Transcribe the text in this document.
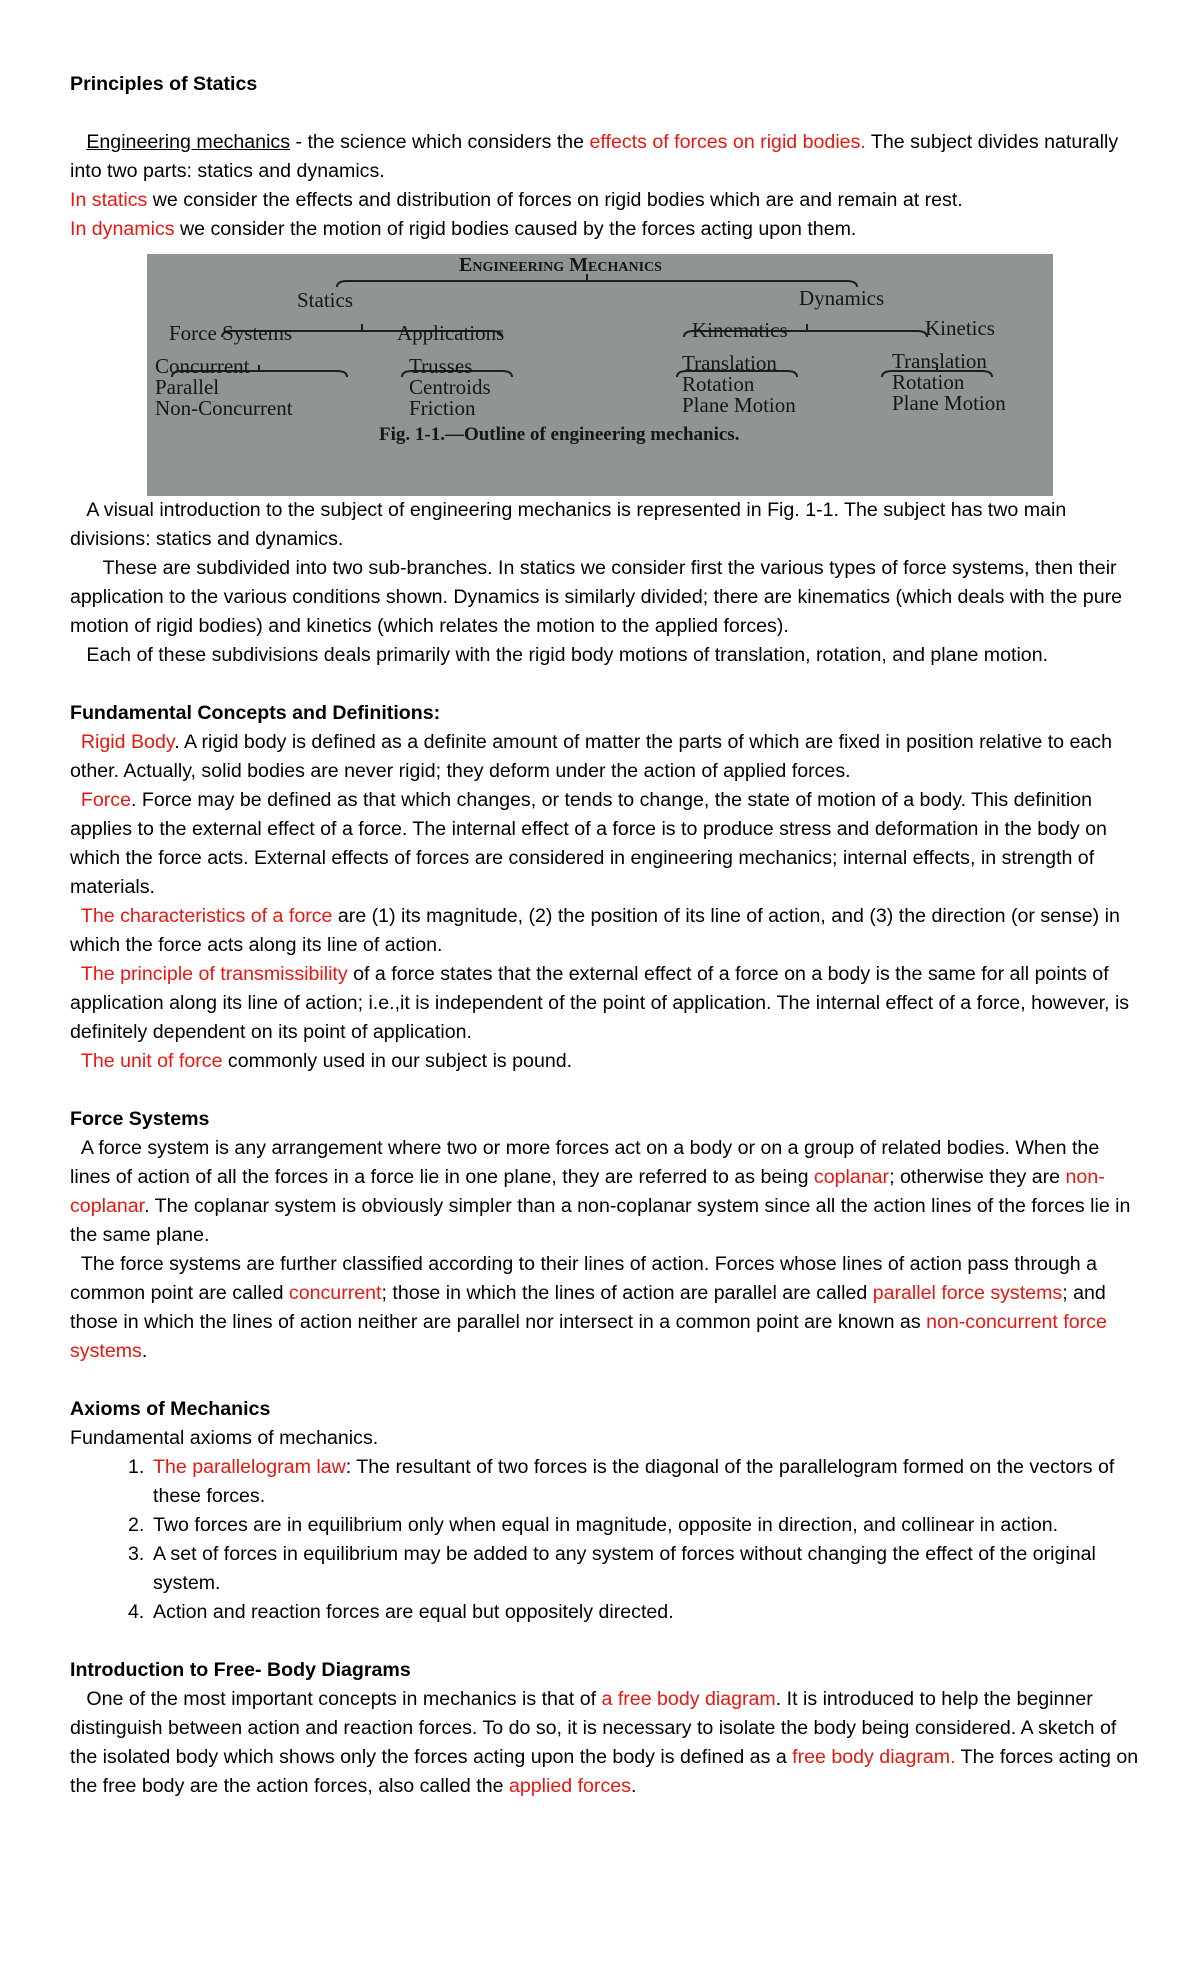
Principles of Statics

Engineering mechanics - the science which considers the effects of forces on rigid bodies. The subject divides naturally into two parts: statics and dynamics.

In statics we consider the effects and distribution of forces on rigid bodies which are and remain at rest.

In dynamics we consider the motion of rigid bodies caused by the forces acting upon them.

Engineering Mechanics
Statics	Dynamics
Force Systems	Applications	Kinematics	Kinetics
Concurrent
Parallel
Non-Concurrent
Trusses
Centroids
Friction
Translation
Rotation
Plane Motion
Translation
Rotation
Plane Motion
Fig. 1-1.—Outline of engineering mechanics.

A visual introduction to the subject of engineering mechanics is represented in Fig. 1-1. The subject has two main divisions: statics and dynamics.

These are subdivided into two sub-branches. In statics we consider first the various types of force systems, then their application to the various conditions shown. Dynamics is similarly divided; there are kinematics (which deals with the pure motion of rigid bodies) and kinetics (which relates the motion to the applied forces).

Each of these subdivisions deals primarily with the rigid body motions of translation, rotation, and plane motion.

Fundamental Concepts and Definitions:

Rigid Body. A rigid body is defined as a definite amount of matter the parts of which are fixed in position relative to each other. Actually, solid bodies are never rigid; they deform under the action of applied forces.

Force. Force may be defined as that which changes, or tends to change, the state of motion of a body. This definition applies to the external effect of a force. The internal effect of a force is to produce stress and deformation in the body on which the force acts. External effects of forces are considered in engineering mechanics; internal effects, in strength of materials.

The characteristics of a force are (1) its magnitude, (2) the position of its line of action, and (3) the direction (or sense) in which the force acts along its line of action.

The principle of transmissibility of a force states that the external effect of a force on a body is the same for all points of application along its line of action; i.e.,it is independent of the point of application. The internal effect of a force, however, is definitely dependent on its point of application.

The unit of force commonly used in our subject is pound.

Force Systems

A force system is any arrangement where two or more forces act on a body or on a group of related bodies. When the lines of action of all the forces in a force lie in one plane, they are referred to as being coplanar; otherwise they are non-coplanar. The coplanar system is obviously simpler than a non-coplanar system since all the action lines of the forces lie in the same plane.

The force systems are further classified according to their lines of action. Forces whose lines of action pass through a common point are called concurrent; those in which the lines of action are parallel are called parallel force systems; and those in which the lines of action neither are parallel nor intersect in a common point are known as non-concurrent force systems.

Axioms of Mechanics

Fundamental axioms of mechanics.

1. The parallelogram law: The resultant of two forces is the diagonal of the parallelogram formed on the vectors of these forces.
2. Two forces are in equilibrium only when equal in magnitude, opposite in direction, and collinear in action.
3. A set of forces in equilibrium may be added to any system of forces without changing the effect of the original system.
4. Action and reaction forces are equal but oppositely directed.

Introduction to Free- Body Diagrams

One of the most important concepts in mechanics is that of a free body diagram. It is introduced to help the beginner distinguish between action and reaction forces. To do so, it is necessary to isolate the body being considered. A sketch of the isolated body which shows only the forces acting upon the body is defined as a free body diagram. The forces acting on the free body are the action forces, also called the applied forces.
